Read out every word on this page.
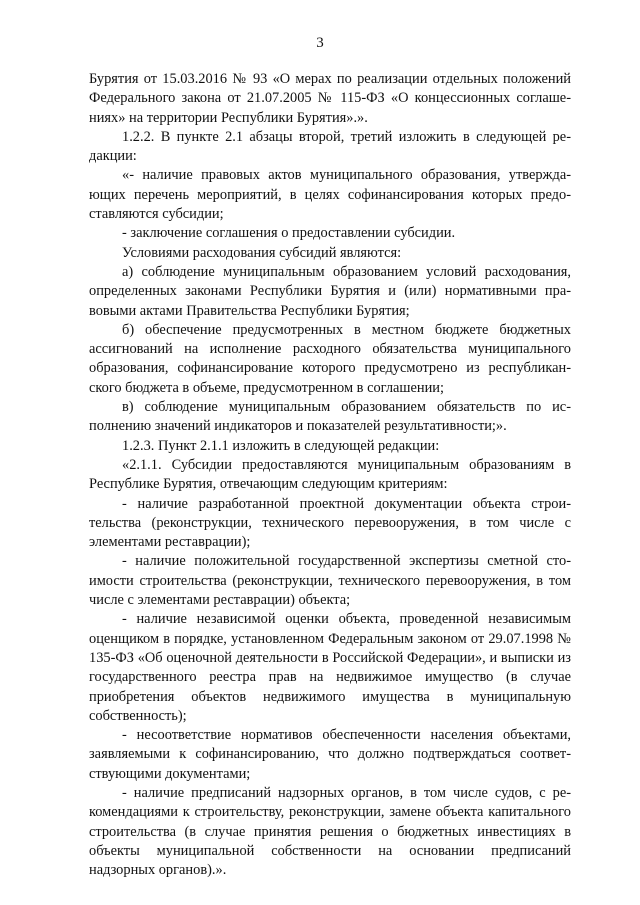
3

Бурятия от 15.03.2016 № 93 «О мерах по реализации отдельных положений Федерального закона от 21.07.2005 № 115-ФЗ «О концессионных соглашениях» на территории Республики Бурятия».».

1.2.2. В пункте 2.1 абзацы второй, третий изложить в следующей редакции:

«- наличие правовых актов муниципального образования, утверждающих перечень мероприятий, в целях софинансирования которых предоставляются субсидии;

- заключение соглашения о предоставлении субсидии.

Условиями расходования субсидий являются:

а) соблюдение муниципальным образованием условий расходования, определенных законами Республики Бурятия и (или) нормативными правовыми актами Правительства Республики Бурятия;

б) обеспечение предусмотренных в местном бюджете бюджетных ассигнований на исполнение расходного обязательства муниципального образования, софинансирование которого предусмотрено из республиканского бюджета в объеме, предусмотренном в соглашении;

в) соблюдение муниципальным образованием обязательств по исполнению значений индикаторов и показателей результативности;».

1.2.3. Пункт 2.1.1 изложить в следующей редакции:

«2.1.1. Субсидии предоставляются муниципальным образованиям в Республике Бурятия, отвечающим следующим критериям:

- наличие разработанной проектной документации объекта строительства (реконструкции, технического перевооружения, в том числе с элементами реставрации);

- наличие положительной государственной экспертизы сметной стоимости строительства (реконструкции, технического перевооружения, в том числе с элементами реставрации) объекта;

- наличие независимой оценки объекта, проведенной независимым оценщиком в порядке, установленном Федеральным законом от 29.07.1998 № 135-ФЗ «Об оценочной деятельности в Российской Федерации», и выписки из государственного реестра прав на недвижимое имущество (в случае приобретения объектов недвижимого имущества в муниципальную собственность);

- несоответствие нормативов обеспеченности населения объектами, заявляемыми к софинансированию, что должно подтверждаться соответствующими документами;

- наличие предписаний надзорных органов, в том числе судов, с рекомендациями к строительству, реконструкции, замене объекта капитального строительства (в случае принятия решения о бюджетных инвестициях в объекты муниципальной собственности на основании предписаний надзорных органов).».
